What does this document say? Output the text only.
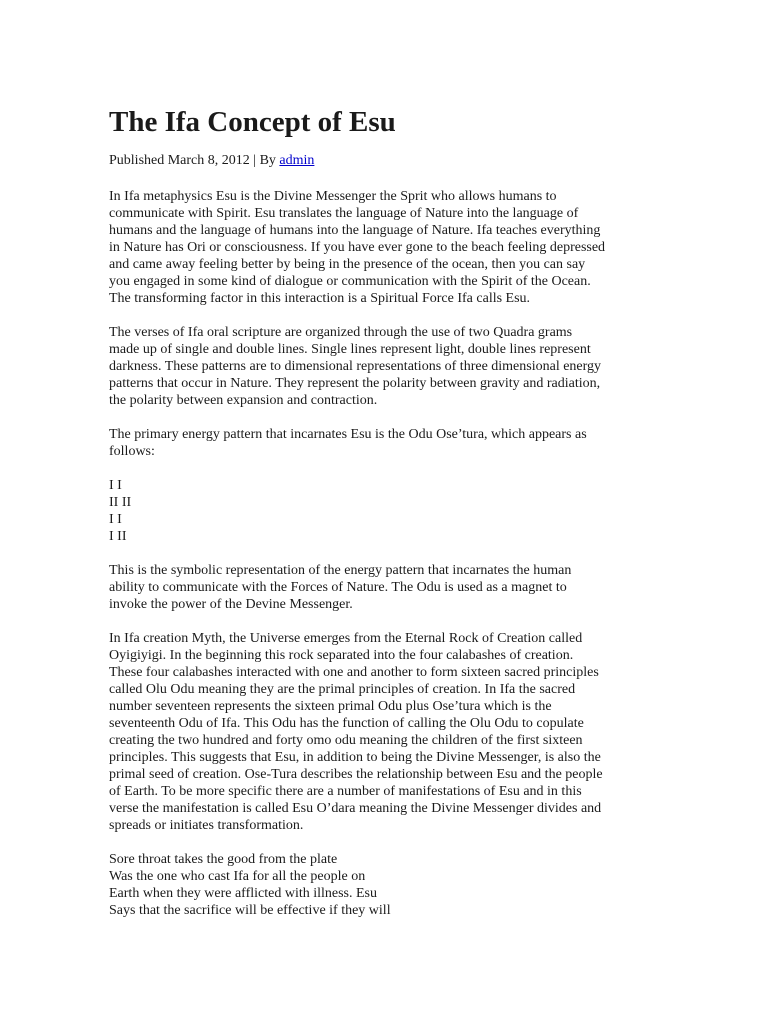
The Ifa Concept of Esu

Published March 8, 2012 | By admin

In Ifa metaphysics Esu is the Divine Messenger the Sprit who allows humans to
communicate with Spirit. Esu translates the language of Nature into the language of
humans and the language of humans into the language of Nature. Ifa teaches everything
in Nature has Ori or consciousness. If you have ever gone to the beach feeling depressed
and came away feeling better by being in the presence of the ocean, then you can say
you engaged in some kind of dialogue or communication with the Spirit of the Ocean.
The transforming factor in this interaction is a Spiritual Force Ifa calls Esu.

The verses of Ifa oral scripture are organized through the use of two Quadra grams
made up of single and double lines. Single lines represent light, double lines represent
darkness. These patterns are to dimensional representations of three dimensional energy
patterns that occur in Nature. They represent the polarity between gravity and radiation,
the polarity between expansion and contraction.

The primary energy pattern that incarnates Esu is the Odu Ose’tura, which appears as
follows:

I I
II II
I I
I II

This is the symbolic representation of the energy pattern that incarnates the human
ability to communicate with the Forces of Nature. The Odu is used as a magnet to
invoke the power of the Devine Messenger.

In Ifa creation Myth, the Universe emerges from the Eternal Rock of Creation called
Oyigiyigi. In the beginning this rock separated into the four calabashes of creation.
These four calabashes interacted with one and another to form sixteen sacred principles
called Olu Odu meaning they are the primal principles of creation. In Ifa the sacred
number seventeen represents the sixteen primal Odu plus Ose’tura which is the
seventeenth Odu of Ifa. This Odu has the function of calling the Olu Odu to copulate
creating the two hundred and forty omo odu meaning the children of the first sixteen
principles. This suggests that Esu, in addition to being the Divine Messenger, is also the
primal seed of creation. Ose-Tura describes the relationship between Esu and the people
of Earth. To be more specific there are a number of manifestations of Esu and in this
verse the manifestation is called Esu O’dara meaning the Divine Messenger divides and
spreads or initiates transformation.

Sore throat takes the good from the plate
Was the one who cast Ifa for all the people on
Earth when they were afflicted with illness. Esu
Says that the sacrifice will be effective if they will
